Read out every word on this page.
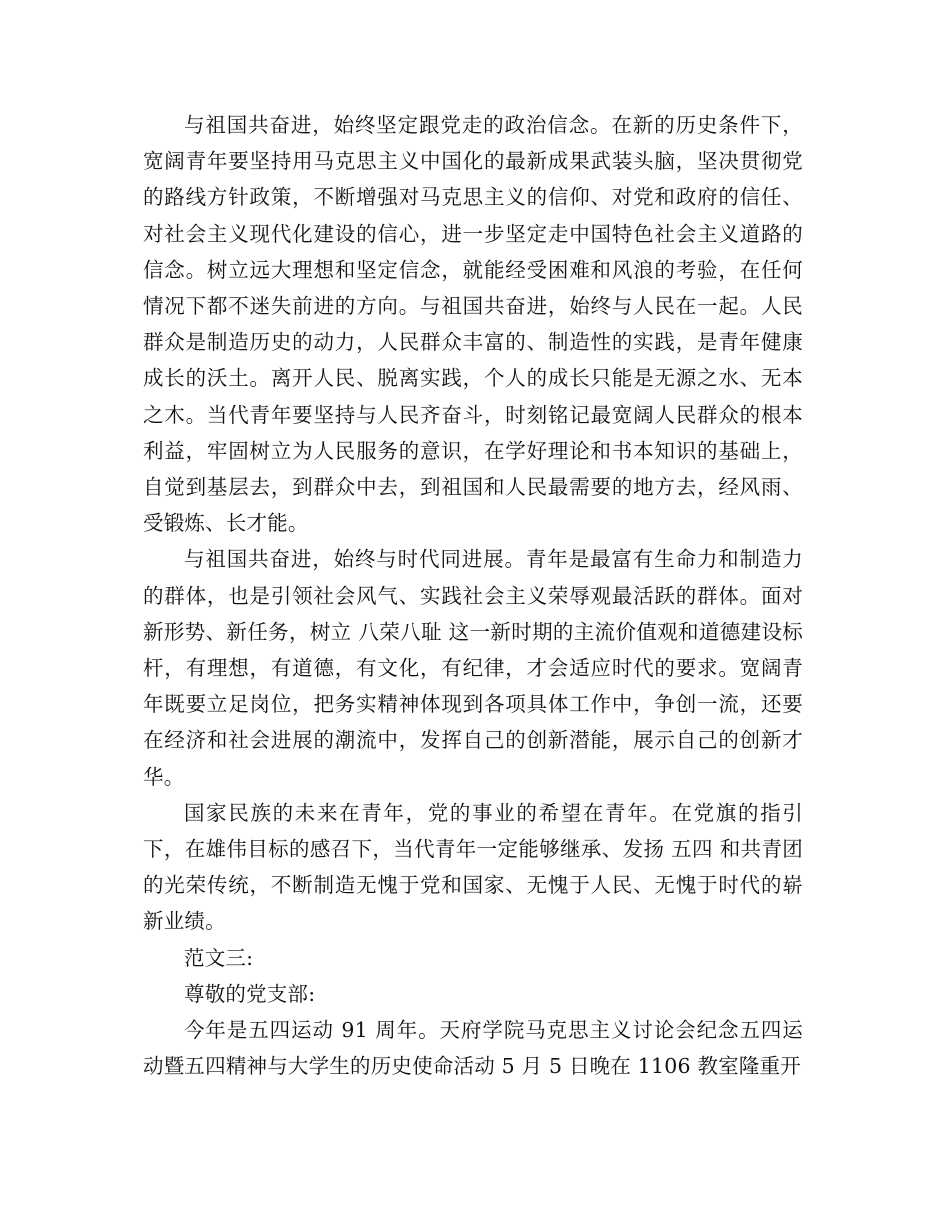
与祖国共奋进，始终坚定跟党走的政治信念。在新的历史条件下，宽阔青年要坚持用马克思主义中国化的最新成果武装头脑，坚决贯彻党的路线方针政策，不断增强对马克思主义的信仰、对党和政府的信任、对社会主义现代化建设的信心，进一步坚定走中国特色社会主义道路的信念。树立远大理想和坚定信念，就能经受困难和风浪的考验，在任何情况下都不迷失前进的方向。与祖国共奋进，始终与人民在一起。人民群众是制造历史的动力，人民群众丰富的、制造性的实践，是青年健康成长的沃土。离开人民、脱离实践，个人的成长只能是无源之水、无本之木。当代青年要坚持与人民齐奋斗，时刻铭记最宽阔人民群众的根本利益，牢固树立为人民服务的意识，在学好理论和书本知识的基础上，自觉到基层去，到群众中去，到祖国和人民最需要的地方去，经风雨、受锻炼、长才能。

与祖国共奋进，始终与时代同进展。青年是最富有生命力和制造力的群体，也是引领社会风气、实践社会主义荣辱观最活跃的群体。面对新形势、新任务，树立 八荣八耻 这一新时期的主流价值观和道德建设标杆，有理想，有道德，有文化，有纪律，才会适应时代的要求。宽阔青年既要立足岗位，把务实精神体现到各项具体工作中，争创一流，还要在经济和社会进展的潮流中，发挥自己的创新潜能，展示自己的创新才华。

国家民族的未来在青年，党的事业的希望在青年。在党旗的指引下，在雄伟目标的感召下，当代青年一定能够继承、发扬 五四 和共青团的光荣传统，不断制造无愧于党和国家、无愧于人民、无愧于时代的崭新业绩。

范文三:

尊敬的党支部:

今年是五四运动 91 周年。天府学院马克思主义讨论会纪念五四运动暨五四精神与大学生的历史使命活动 5 月 5 日晚在 1106 教室隆重开
